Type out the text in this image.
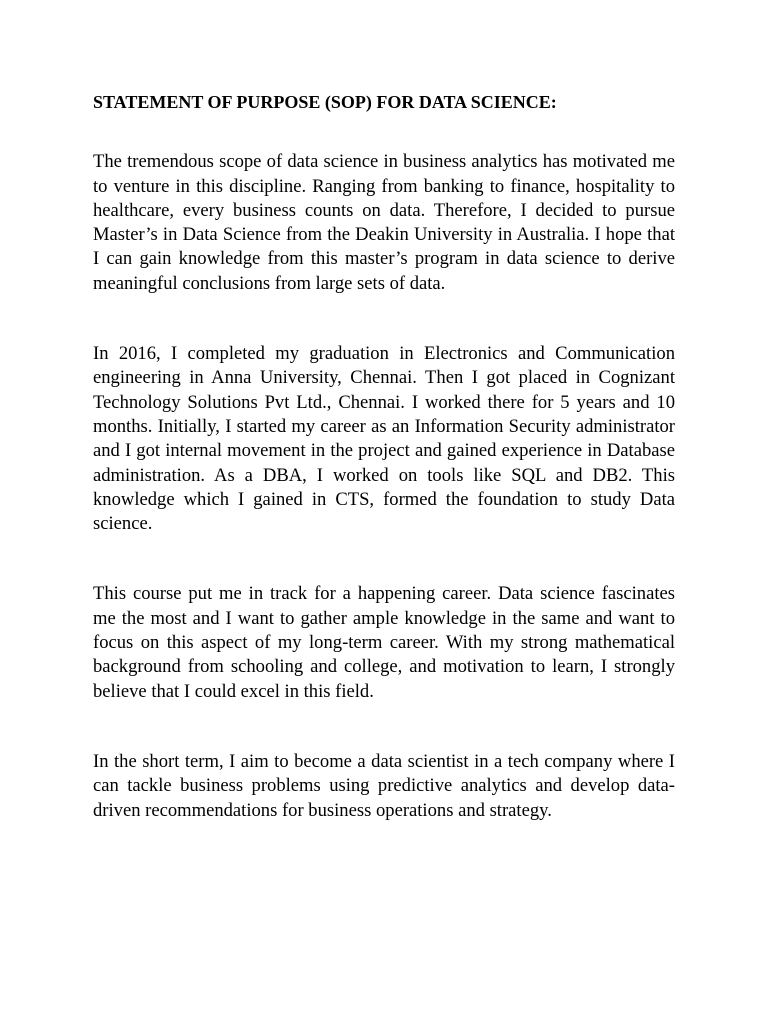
STATEMENT OF PURPOSE (SOP) FOR DATA SCIENCE:

The tremendous scope of data science in business analytics has motivated me to venture in this discipline. Ranging from banking to finance, hospitality to healthcare, every business counts on data. Therefore, I decided to pursue Master’s in Data Science from the Deakin University in Australia. I hope that I can gain knowledge from this master’s program in data science to derive meaningful conclusions from large sets of data.

In 2016, I completed my graduation in Electronics and Communication engineering in Anna University, Chennai. Then I got placed in Cognizant Technology Solutions Pvt Ltd., Chennai. I worked there for 5 years and 10 months. Initially, I started my career as an Information Security administrator and I got internal movement in the project and gained experience in Database administration. As a DBA, I worked on tools like SQL and DB2. This knowledge which I gained in CTS, formed the foundation to study Data science.

This course put me in track for a happening career. Data science fascinates me the most and I want to gather ample knowledge in the same and want to focus on this aspect of my long-term career. With my strong mathematical background from schooling and college, and motivation to learn, I strongly believe that I could excel in this field.

In the short term, I aim to become a data scientist in a tech company where I can tackle business problems using predictive analytics and develop data-driven recommendations for business operations and strategy.
